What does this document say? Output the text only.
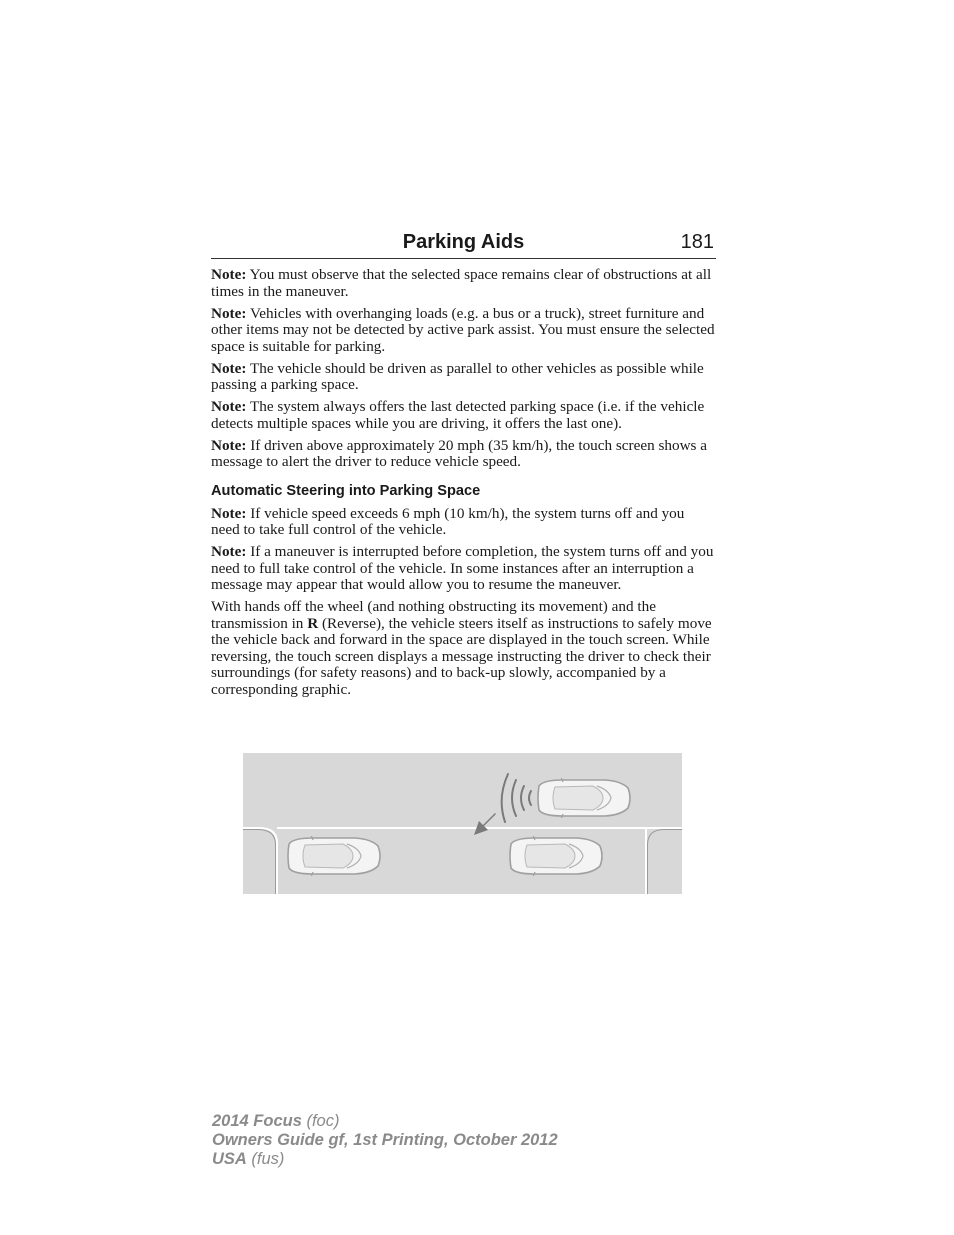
Parking Aids	181

Note: You must observe that the selected space remains clear of obstructions at all times in the maneuver.

Note: Vehicles with overhanging loads (e.g. a bus or a truck), street furniture and other items may not be detected by active park assist. You must ensure the selected space is suitable for parking.

Note: The vehicle should be driven as parallel to other vehicles as possible while passing a parking space.

Note: The system always offers the last detected parking space (i.e. if the vehicle detects multiple spaces while you are driving, it offers the last one).

Note: If driven above approximately 20 mph (35 km/h), the touch screen shows a message to alert the driver to reduce vehicle speed.

Automatic Steering into Parking Space

Note: If vehicle speed exceeds 6 mph (10 km/h), the system turns off and you need to take full control of the vehicle.

Note: If a maneuver is interrupted before completion, the system turns off and you need to full take control of the vehicle. In some instances after an interruption a message may appear that would allow you to resume the maneuver.

With hands off the wheel (and nothing obstructing its movement) and the transmission in R (Reverse), the vehicle steers itself as instructions to safely move the vehicle back and forward in the space are displayed in the touch screen. While reversing, the touch screen displays a message instructing the driver to check their surroundings (for safety reasons) and to back-up slowly, accompanied by a corresponding graphic.

2014 Focus (foc)
Owners Guide gf, 1st Printing, October 2012
USA (fus)
